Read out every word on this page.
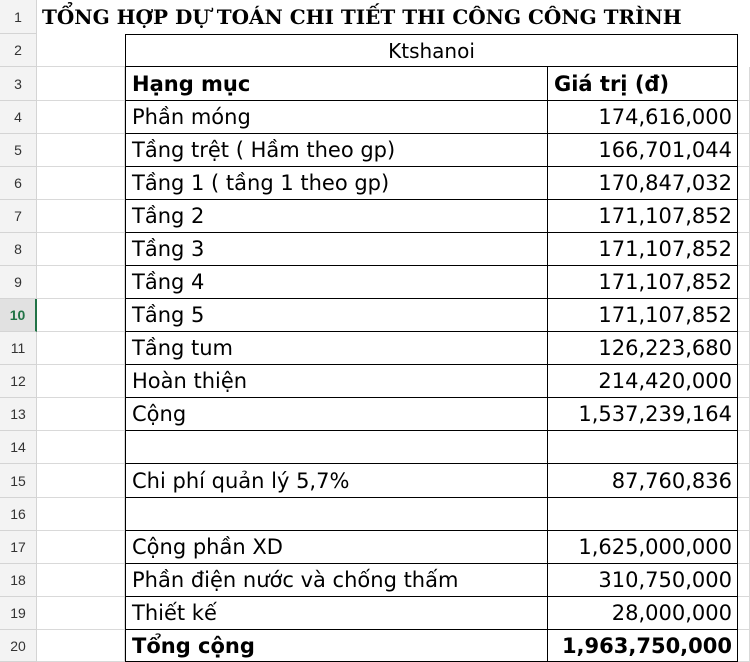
1	TỔNG HỢP DỰ TOÁN CHI TIẾT THI CÔNG CÔNG TRÌNH
2	Ktshanoi
3	Hạng mục	Giá trị (đ)
4	Phần móng	174,616,000
5	Tầng trệt ( Hầm theo gp)	166,701,044
6	Tầng 1 ( tầng 1 theo gp)	170,847,032
7	Tầng 2	171,107,852
8	Tầng 3	171,107,852
9	Tầng 4	171,107,852
10	Tầng 5	171,107,852
11	Tầng tum	126,223,680
12	Hoàn thiện	214,420,000
13	Cộng	1,537,239,164
14
15	Chi phí quản lý 5,7%	87,760,836
16
17	Cộng phần XD	1,625,000,000
18	Phần điện nước và chống thấm	310,750,000
19	Thiết kế	28,000,000
20	Tổng cộng	1,963,750,000
